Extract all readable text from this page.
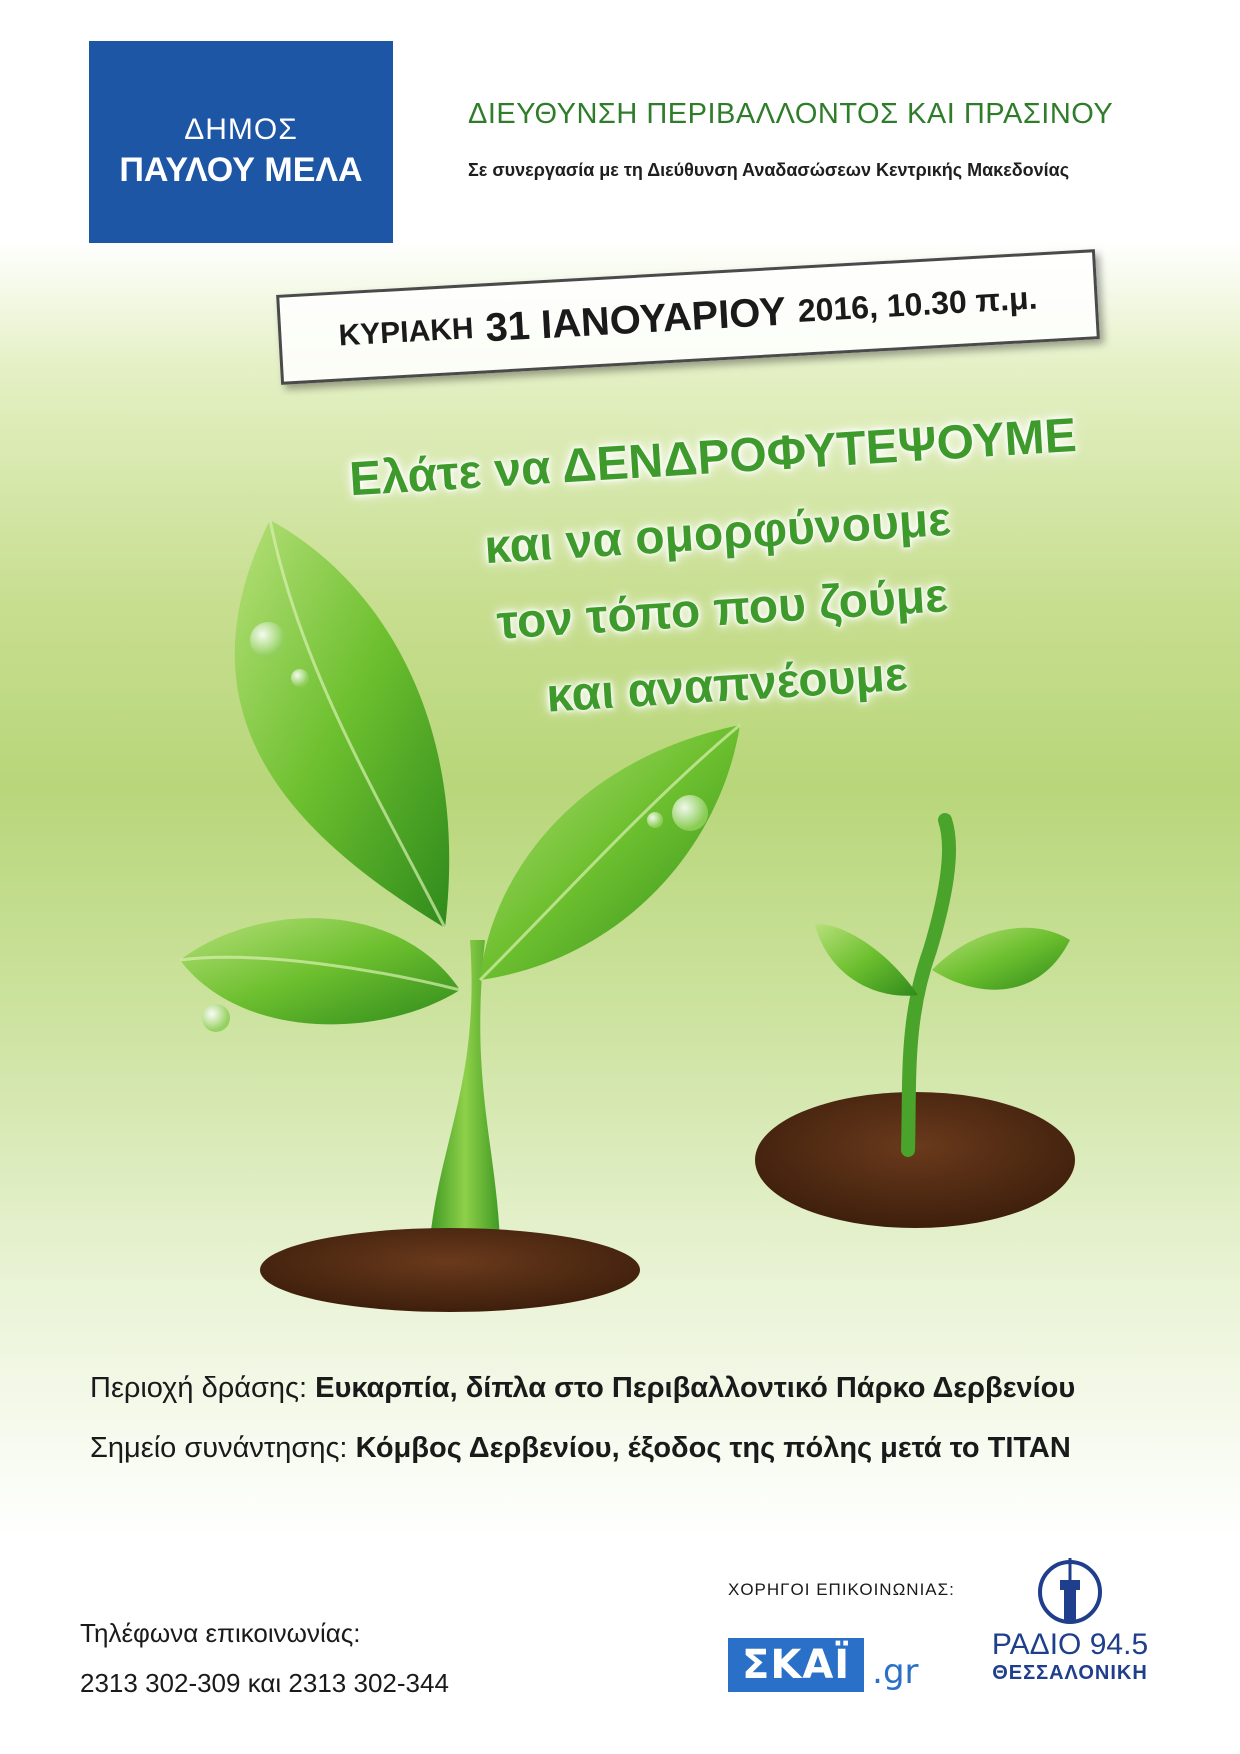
ΔΗΜΟΣ
ΠΑΥΛΟΥ ΜΕΛΑ
ΔΙΕΥΘΥΝΣΗ ΠΕΡΙΒΑΛΛΟΝΤΟΣ ΚΑΙ ΠΡΑΣΙΝΟΥ
Σε συνεργασία με τη Διεύθυνση Αναδασώσεων Κεντρικής Μακεδονίας
ΚΥΡΙΑΚΗ 31 ΙΑΝΟΥΑΡΙΟΥ 2016, 10.30 π.μ.
Ελάτε να ΔΕΝΔΡΟΦΥΤΕΨΟΥΜΕ
και να ομορφύνουμε
τον τόπο που ζούμε
και αναπνέουμε
Περιοχή δράσης: Ευκαρπία, δίπλα στο Περιβαλλοντικό Πάρκο Δερβενίου
Σημείο συνάντησης: Κόμβος Δερβενίου, έξοδος της πόλης μετά το ΤΙΤΑΝ
ΧΟΡΗΓΟΙ ΕΠΙΚΟΙΝΩΝΙΑΣ:
Τηλέφωνα επικοινωνίας:
2313 302-309 και 2313 302-344	ΣΚΑΪ .gr
ΡΑΔΙΟ 94.5
ΘΕΣΣΑΛΟΝΙΚΗ
